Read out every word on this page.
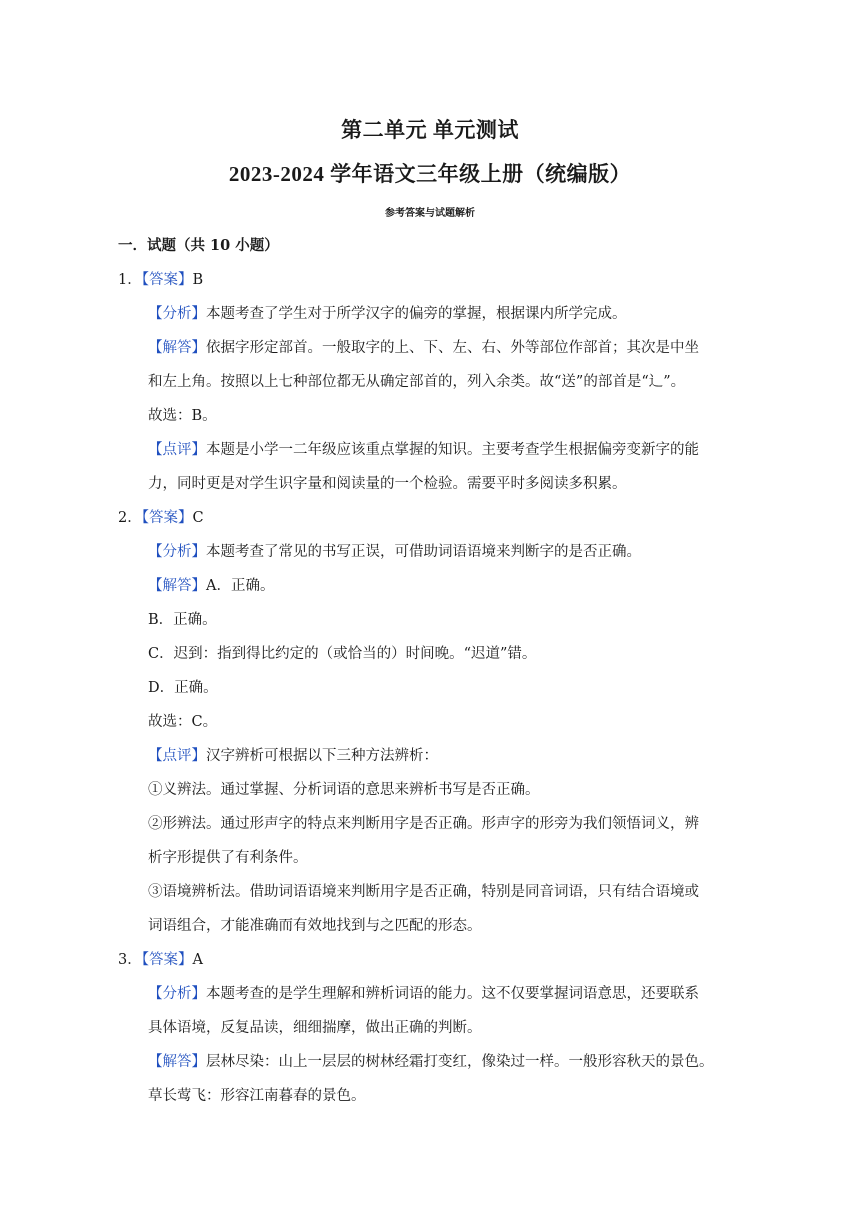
第二单元 单元测试
2023-2024 学年语文三年级上册（统编版）
参考答案与试题解析
一．试题（共 10 小题）
1．【答案】B
【分析】本题考查了学生对于所学汉字的偏旁的掌握，根据课内所学完成。
【解答】依据字形定部首。一般取字的上、下、左、右、外等部位作部首；其次是中坐
和左上角。按照以上七种部位都无从确定部首的，列入余类。故“送”的部首是“辶”。
故选：B。
【点评】本题是小学一二年级应该重点掌握的知识。主要考查学生根据偏旁变新字的能
力，同时更是对学生识字量和阅读量的一个检验。需要平时多阅读多积累。
2．【答案】C
【分析】本题考查了常见的书写正误，可借助词语语境来判断字的是否正确。
【解答】A．正确。
B．正确。
C．迟到：指到得比约定的（或恰当的）时间晚。“迟道”错。
D．正确。
故选：C。
【点评】汉字辨析可根据以下三种方法辨析：
①义辨法。通过掌握、分析词语的意思来辨析书写是否正确。
②形辨法。通过形声字的特点来判断用字是否正确。形声字的形旁为我们领悟词义，辨
析字形提供了有利条件。
③语境辨析法。借助词语语境来判断用字是否正确，特别是同音词语，只有结合语境或
词语组合，才能准确而有效地找到与之匹配的形态。
3．【答案】A
【分析】本题考查的是学生理解和辨析词语的能力。这不仅要掌握词语意思，还要联系
具体语境，反复品读，细细揣摩，做出正确的判断。
【解答】层林尽染：山上一层层的树林经霜打变红，像染过一样。一般形容秋天的景色。
草长莺飞：形容江南暮春的景色。
